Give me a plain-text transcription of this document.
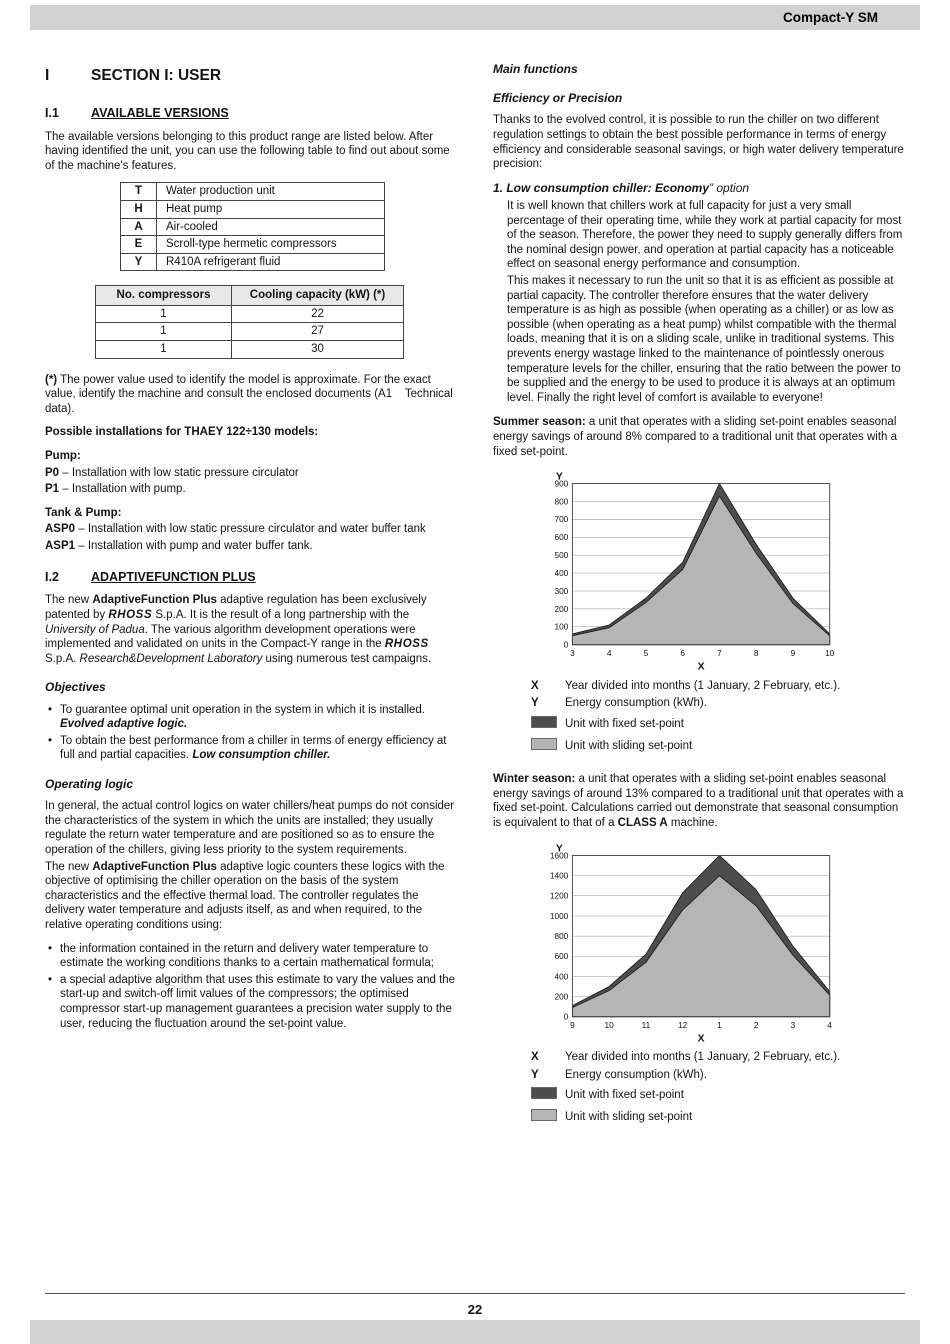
Compact-Y SM
I	SECTION I: USER
I.1	AVAILABLE VERSIONS

The available versions belonging to this product range are listed below. After having identified the unit, you can use the following table to find out about some of the machine's features.

T	Water production unit
H	Heat pump
A	Air-cooled
E	Scroll-type hermetic compressors
Y	R410A refrigerant fluid
No. compressors	Cooling capacity (kW) (*)
1	22
1	27
1	30

(*) The power value used to identify the model is approximate. For the exact value, identify the machine and consult the enclosed documents (A1    Technical data).

Possible installations for THAEY 122÷130 models:

Pump:

P0 – Installation with low static pressure circulator

P1 – Installation with pump.

Tank & Pump:

ASP0 – Installation with low static pressure circulator and water buffer tank

ASP1 – Installation with pump and water buffer tank.

I.2	ADAPTIVEFUNCTION PLUS

The new AdaptiveFunction Plus adaptive regulation has been exclusively patented by RHOSS S.p.A. It is the result of a long partnership with the University of Padua. The various algorithm development operations were implemented and validated on units in the Compact-Y range in the RHOSS S.p.A. Research&Development Laboratory using numerous test campaigns.

Objectives
• To guarantee optimal unit operation in the system in which it is installed. Evolved adaptive logic.
• To obtain the best performance from a chiller in terms of energy efficiency at full and partial capacities. Low consumption chiller.
Operating logic

In general, the actual control logics on water chillers/heat pumps do not consider the characteristics of the system in which the units are installed; they usually regulate the return water temperature and are positioned so as to ensure the operation of the chillers, giving less priority to the system requirements.

The new AdaptiveFunction Plus adaptive logic counters these logics with the objective of optimising the chiller operation on the basis of the system characteristics and the effective thermal load. The controller regulates the delivery water temperature and adjusts itself, as and when required, to the relative operating conditions using:

• the information contained in the return and delivery water temperature to estimate the working conditions thanks to a certain mathematical formula;
• a special adaptive algorithm that uses this estimate to vary the values and the start-up and switch-off limit values of the compressors; the optimised compressor start-up management guarantees a precision water supply to the user, reducing the fluctuation around the set-point value.
Main functions
Efficiency or Precision

Thanks to the evolved control, it is possible to run the chiller on two different regulation settings to obtain the best possible performance in terms of energy efficiency and considerable seasonal savings, or high water delivery temperature precision:

1. Low consumption chiller: Economy” option

It is well known that chillers work at full capacity for just a very small percentage of their operating time, while they work at partial capacity for most of the season. Therefore, the power they need to supply generally differs from the nominal design power, and operation at partial capacity has a noticeable effect on seasonal energy performance and consumption.

This makes it necessary to run the unit so that it is as efficient as possible at partial capacity. The controller therefore ensures that the water delivery temperature is as high as possible (when operating as a chiller) or as low as possible (when operating as a heat pump) whilst compatible with the thermal loads, meaning that it is on a sliding scale, unlike in traditional systems. This prevents energy wastage linked to the maintenance of pointlessly onerous temperature levels for the chiller, ensuring that the ratio between the power to be supplied and the energy to be used to produce it is always at an optimum level. Finally the right level of comfort is available to everyone!

Summer season: a unit that operates with a sliding set-point enables seasonal energy savings of around 8% compared to a traditional unit that operates with a fixed set-point.

0
100
200
300
400
500
600
700
800
900
3	4	5	6	7	8	9	10
Y
X
X	Year divided into months (1 January, 2 February, etc.).
Y	Energy consumption (kWh).
Unit with fixed set-point
Unit with sliding set-point

Winter season: a unit that operates with a sliding set-point enables seasonal energy savings of around 13% compared to a traditional unit that operates with a fixed set-point. Calculations carried out demonstrate that seasonal consumption is equivalent to that of a CLASS A machine.

0
200
400
600
800
1000
1200
1400
1600
9	10	11	12	1	2	3	4
Y
X
X	Year divided into months (1 January, 2 February, etc.).
Y	Energy consumption (kWh).
Unit with fixed set-point
Unit with sliding set-point
22
